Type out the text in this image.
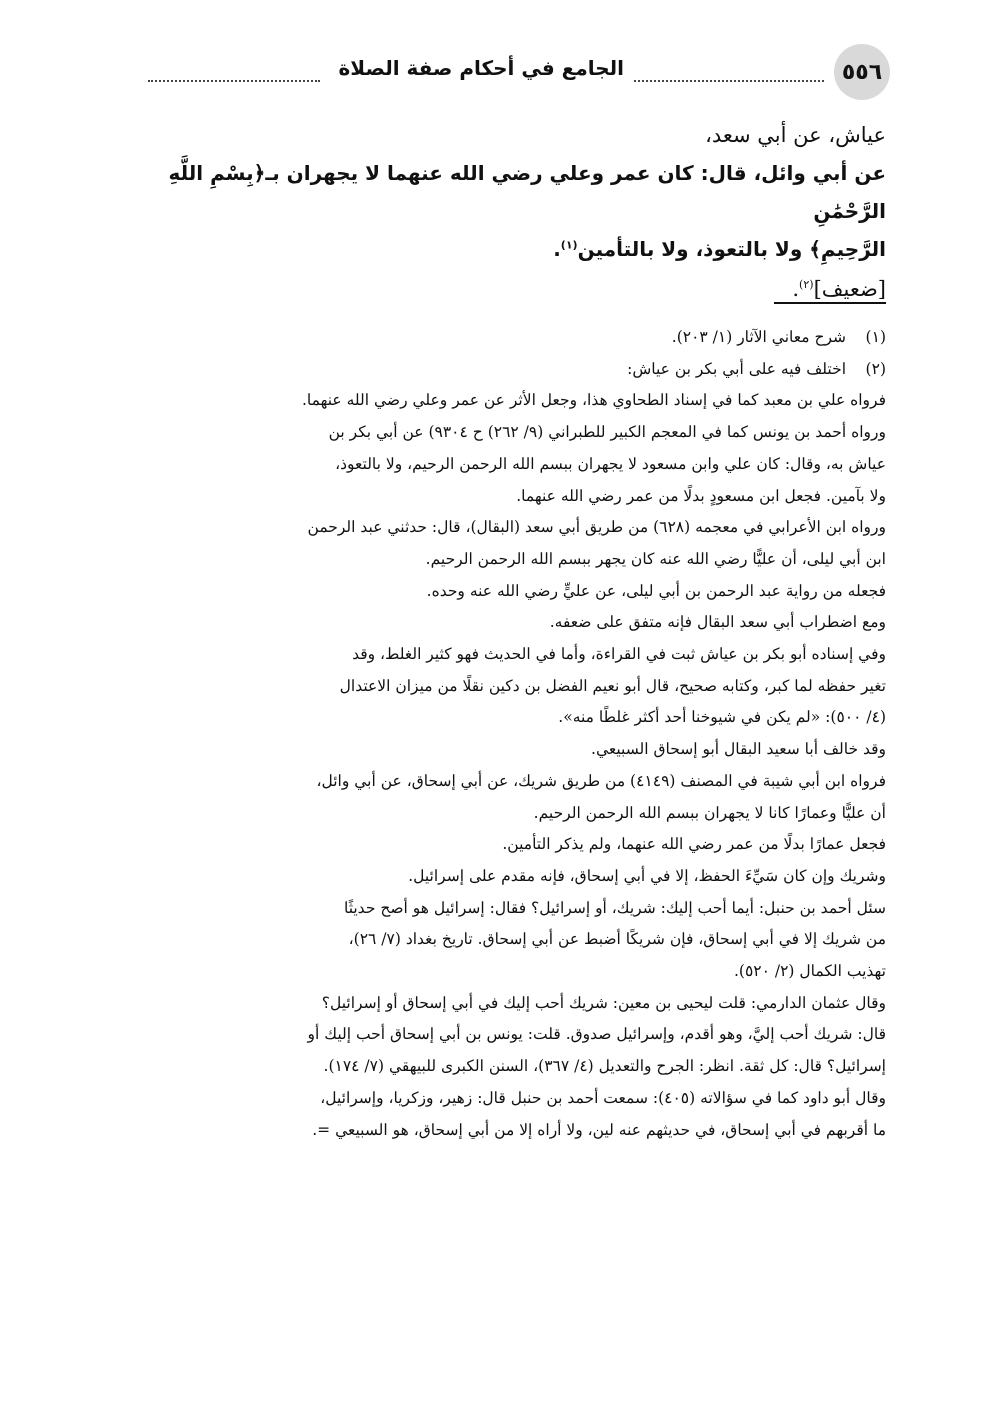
٥٥٦
الجامع في أحكام صفة الصلاة

عياش، عن أبي سعد،

عن أبي وائل، قال: كان عمر وعلي رضي الله عنهما لا يجهران بـ﴿بِسْمِ اللَّهِ الرَّحْمَٰنِ

الرَّحِيمِ﴾ ولا بالتعوذ، ولا بالتأمين$^{(١)}$.

[ضعيف]$^{(٢)}$.

(١)شرح معاني الآثار (١/ ٢٠٣).

(٢)اختلف فيه على أبي بكر بن عياش:

فرواه علي بن معبد كما في إسناد الطحاوي هذا، وجعل الأثر عن عمر وعلي رضي الله عنهما.

ورواه أحمد بن يونس كما في المعجم الكبير للطبراني (٩/ ٢٦٢) ح ٩٣٠٤) عن أبي بكر بن

عياش به، وقال: كان علي وابن مسعود لا يجهران ببسم الله الرحمن الرحيم، ولا بالتعوذ،

ولا بآمين. فجعل ابن مسعودٍ بدلًا من عمر رضي الله عنهما.

ورواه ابن الأعرابي في معجمه (٦٢٨) من طريق أبي سعد (البقال)، قال: حدثني عبد الرحمن

ابن أبي ليلى، أن عليًّا رضي الله عنه كان يجهر ببسم الله الرحمن الرحيم.

فجعله من رواية عبد الرحمن بن أبي ليلى، عن عليٍّ رضي الله عنه وحده.

ومع اضطراب أبي سعد البقال فإنه متفق على ضعفه.

وفي إسناده أبو بكر بن عياش ثبت في القراءة، وأما في الحديث فهو كثير الغلط، وقد

تغير حفظه لما كبر، وكتابه صحيح، قال أبو نعيم الفضل بن دكين نقلًا من ميزان الاعتدال

(٤/ ٥٠٠): «لم يكن في شيوخنا أحد أكثر غلطًا منه».

وقد خالف أبا سعيد البقال أبو إسحاق السبيعي.

فرواه ابن أبي شيبة في المصنف (٤١٤٩) من طريق شريك، عن أبي إسحاق، عن أبي وائل،

أن عليًّا وعمارًا كانا لا يجهران ببسم الله الرحمن الرحيم.

فجعل عمارًا بدلًا من عمر رضي الله عنهما، ولم يذكر التأمين.

وشريك وإن كان سَيِّءَ الحفظ، إلا في أبي إسحاق، فإنه مقدم على إسرائيل.

سئل أحمد بن حنبل: أيما أحب إليك: شريك، أو إسرائيل؟ فقال: إسرائيل هو أصح حديثًا

من شريك إلا في أبي إسحاق، فإن شريكًا أضبط عن أبي إسحاق. تاريخ بغداد (٧/ ٢٦)،

تهذيب الكمال (٢/ ٥٢٠).

وقال عثمان الدارمي: قلت ليحيى بن معين: شريك أحب إليك في أبي إسحاق أو إسرائيل؟

قال: شريك أحب إليَّ، وهو أقدم، وإسرائيل صدوق. قلت: يونس بن أبي إسحاق أحب إليك أو

إسرائيل؟ قال: كل ثقة. انظر: الجرح والتعديل (٤/ ٣٦٧)، السنن الكبرى للبيهقي (٧/ ١٧٤).

وقال أبو داود كما في سؤالاته (٤٠٥): سمعت أحمد بن حنبل قال: زهير، وزكريا، وإسرائيل،

ما أقربهم في أبي إسحاق، في حديثهم عنه لين، ولا أراه إلا من أبي إسحاق، هو السبيعي =.
